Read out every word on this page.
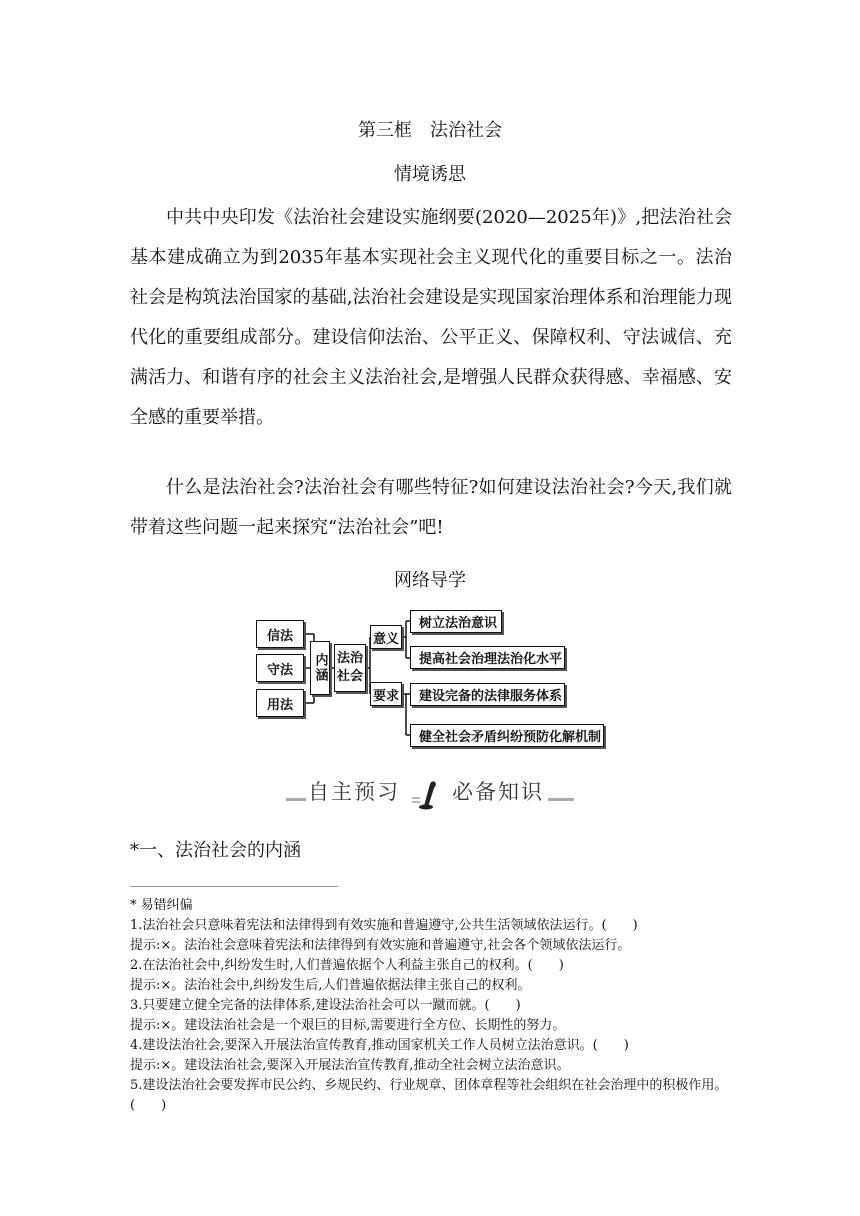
第三框　法治社会
情境诱思

中共中央印发《法治社会建设实施纲要(2020—2025年)》,把法治社会基本建成确立为到2035年基本实现社会主义现代化的重要目标之一。法治社会是构筑法治国家的基础,法治社会建设是实现国家治理体系和治理能力现代化的重要组成部分。建设信仰法治、公平正义、保障权利、守法诚信、充满活力、和谐有序的社会主义法治社会,是增强人民群众获得感、幸福感、安全感的重要举措。

什么是法治社会?法治社会有哪些特征?如何建设法治社会?今天,我们就带着这些问题一起来探究“法治社会”吧!

网络导学
信法
守法
用法
内涵 法治
社会
意义
要求
树立法治意识
提高社会治理法治化水平
建设完备的法律服务体系
健全社会矛盾纠纷预防化解机制
自主预习 必备知识
*一、法治社会的内涵

* 易错纠偏

1.法治社会只意味着宪法和法律得到有效实施和普遍遵守,公共生活领域依法运行。(　　)

提示:×。法治社会意味着宪法和法律得到有效实施和普遍遵守,社会各个领域依法运行。

2.在法治社会中,纠纷发生时,人们普遍依据个人利益主张自己的权利。(　　)

提示:×。法治社会中,纠纷发生后,人们普遍依据法律主张自己的权利。

3.只要建立健全完备的法律体系,建设法治社会可以一蹴而就。(　　)

提示:×。建设法治社会是一个艰巨的目标,需要进行全方位、长期性的努力。

4.建设法治社会,要深入开展法治宣传教育,推动国家机关工作人员树立法治意识。(　　)

提示:×。建设法治社会,要深入开展法治宣传教育,推动全社会树立法治意识。

5.建设法治社会要发挥市民公约、乡规民约、行业规章、团体章程等社会组织在社会治理中的积极作用。(　　)
